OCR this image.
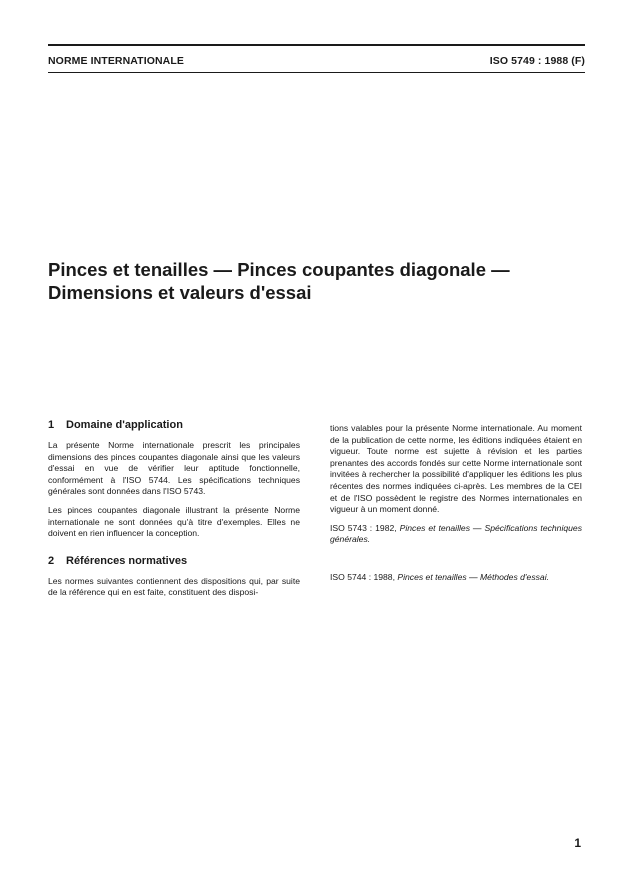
NORME INTERNATIONALE	ISO 5749 : 1988 (F)
Pinces et tenailles — Pinces coupantes diagonale —
Dimensions et valeurs d'essai
1 Domaine d'application

La présente Norme internationale prescrit les principales dimensions des pinces coupantes diagonale ainsi que les valeurs d'essai en vue de vérifier leur aptitude fonctionnelle, conformément à l'ISO 5744. Les spécifications techniques générales sont données dans l'ISO 5743.

Les pinces coupantes diagonale illustrant la présente Norme internationale ne sont données qu'à titre d'exemples. Elles ne doivent en rien influencer la conception.

2 Références normatives

Les normes suivantes contiennent des dispositions qui, par suite de la référence qui en est faite, constituent des disposi-

tions valables pour la présente Norme internationale. Au moment de la publication de cette norme, les éditions indiquées étaient en vigueur. Toute norme est sujette à révision et les parties prenantes des accords fondés sur cette Norme internationale sont invitées à rechercher la possibilité d'appliquer les éditions les plus récentes des normes indiquées ci-après. Les membres de la CEI et de l'ISO possèdent le registre des Normes internationales en vigueur à un moment donné.

ISO 5743 : 1982, Pinces et tenailles — Spécifications techniques générales.

ISO 5744 : 1988, Pinces et tenailles — Méthodes d'essai.

1
